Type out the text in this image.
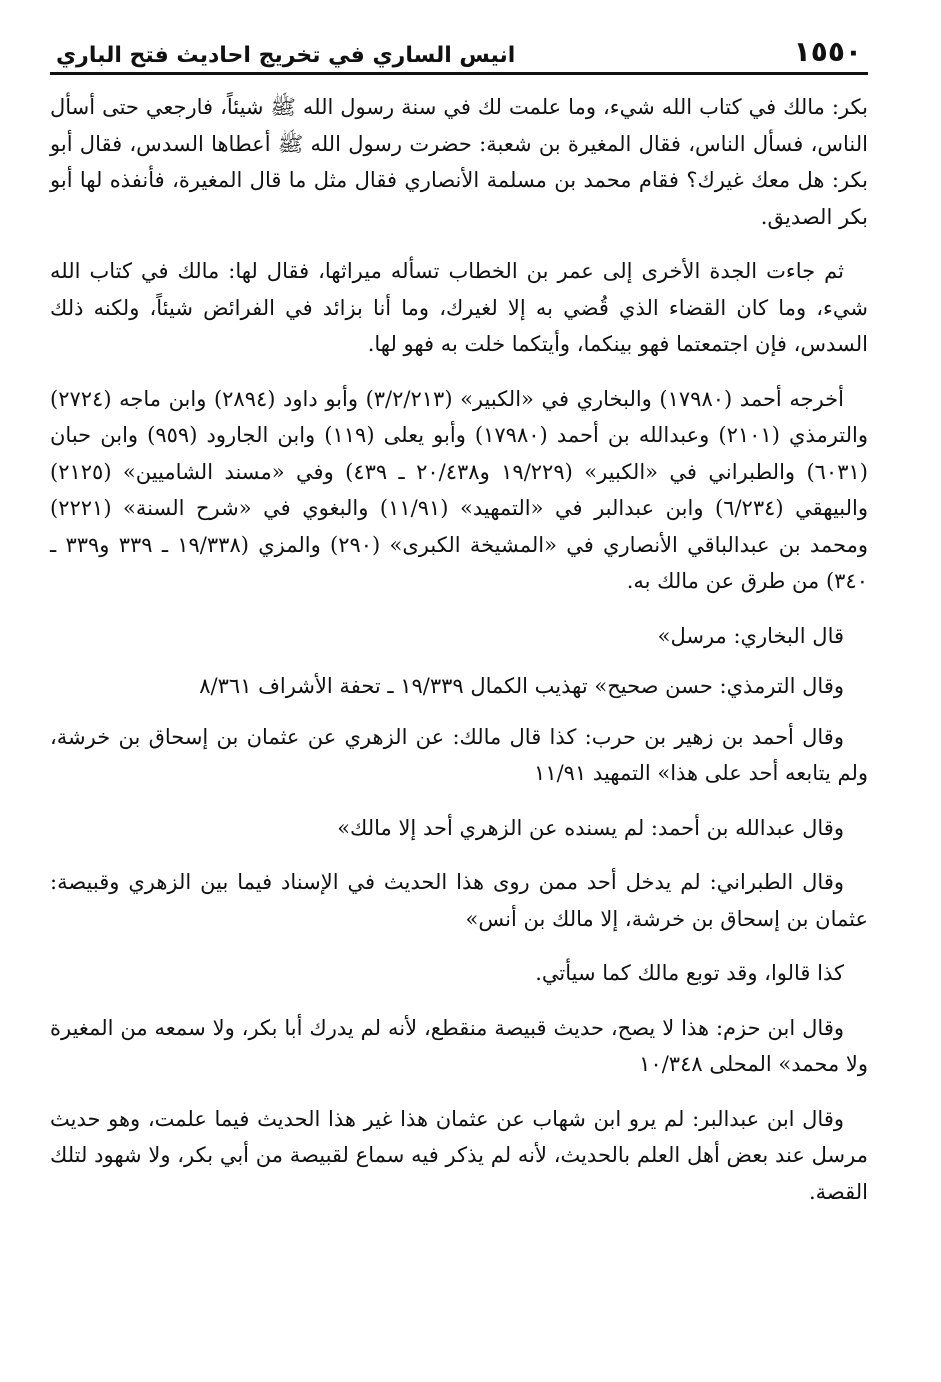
١٥٥٠
انيس الساري في تخريج احاديث فتح الباري

بكر: مالك في كتاب الله شيء، وما علمت لك في سنة رسول الله ﷺ شيئاً، فارجعي حتى أسأل الناس، فسأل الناس، فقال المغيرة بن شعبة: حضرت رسول الله ﷺ أعطاها السدس، فقال أبو بكر: هل معك غيرك؟ فقام محمد بن مسلمة الأنصاري فقال مثل ما قال المغيرة، فأنفذه لها أبو بكر الصديق.

ثم جاءت الجدة الأخرى إلى عمر بن الخطاب تسأله ميراثها، فقال لها: مالك في كتاب الله شيء، وما كان القضاء الذي قُضي به إلا لغيرك، وما أنا بزائد في الفرائض شيئاً، ولكنه ذلك السدس، فإن اجتمعتما فهو بينكما، وأيتكما خلت به فهو لها.

أخرجه أحمد (١٧٩٨٠) والبخاري في «الكبير» (٣/٢/٢١٣) وأبو داود (٢٨٩٤) وابن ماجه (٢٧٢٤) والترمذي (٢١٠١) وعبدالله بن أحمد (١٧٩٨٠) وأبو يعلى (١١٩) وابن الجارود (٩٥٩) وابن حبان (٦٠٣١) والطبراني في «الكبير» (١٩/٢٢٩ و٢٠/٤٣٨ ـ ٤٣٩) وفي «مسند الشاميين» (٢١٢٥) والبيهقي (٦/٢٣٤) وابن عبدالبر في «التمهيد» (١١/٩١) والبغوي في «شرح السنة» (٢٢٢١) ومحمد بن عبدالباقي الأنصاري في «المشيخة الكبرى» (٢٩٠) والمزي (١٩/٣٣٨ ـ ٣٣٩ و٣٣٩ ـ ٣٤٠) من طرق عن مالك به.

قال البخاري: مرسل»

وقال الترمذي: حسن صحيح» تهذيب الكمال ١٩/٣٣٩ ـ تحفة الأشراف ٨/٣٦١

وقال أحمد بن زهير بن حرب: كذا قال مالك: عن الزهري عن عثمان بن إسحاق بن خرشة، ولم يتابعه أحد على هذا» التمهيد ١١/٩١

وقال عبدالله بن أحمد: لم يسنده عن الزهري أحد إلا مالك»

وقال الطبراني: لم يدخل أحد ممن روى هذا الحديث في الإسناد فيما بين الزهري وقبيصة: عثمان بن إسحاق بن خرشة، إلا مالك بن أنس»

كذا قالوا، وقد توبع مالك كما سيأتي.

وقال ابن حزم: هذا لا يصح، حديث قبيصة منقطع، لأنه لم يدرك أبا بكر، ولا سمعه من المغيرة ولا محمد» المحلى ١٠/٣٤٨

وقال ابن عبدالبر: لم يرو ابن شهاب عن عثمان هذا غير هذا الحديث فيما علمت، وهو حديث مرسل عند بعض أهل العلم بالحديث، لأنه لم يذكر فيه سماع لقبيصة من أبي بكر، ولا شهود لتلك القصة.
